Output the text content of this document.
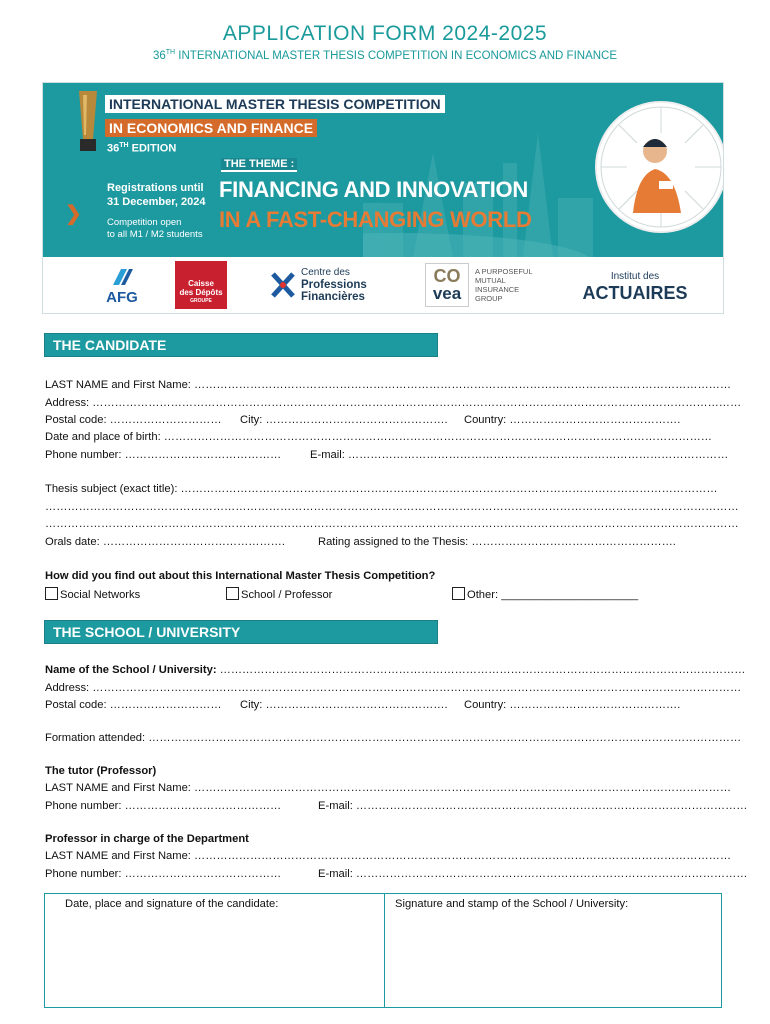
APPLICATION FORM 2024-2025
36TH INTERNATIONAL MASTER THESIS COMPETITION IN ECONOMICS AND FINANCE
INTERNATIONAL MASTER THESIS COMPETITION
IN ECONOMICS AND FINANCE
36TH EDITION
THE THEME :
Registrations until
31 December, 2024
❯	Competition open
to all M1 / M2 students
FINANCING AND INNOVATION
IN A FAST-CHANGING WORLD
AFG
Caisse
des Dépôts
GROUPE
Centre des
Professions
Financières
CO
vea
A PURPOSEFUL
MUTUAL
INSURANCE
GROUP
Institut des
ACTUAIRES
THE CANDIDATE
LAST NAME and First Name: ………………………………………………………………………………………………………………………………
Address: …………………………………………………………………………………………………………………………………………………………
Postal code: ………………………… City: …………………………………………. Country: ……………………………………….
Date and place of birth: …………………………………………………………………………………………………………………………………
Phone number: ……………………………………	E-mail: …………………………………………………………………………………………
Thesis subject (exact title): ………………………………………………………………………………………………………………………………
……………………………………………………………………………………………………………………………………………………………………
……………………………………………………………………………………………………………………………………………………………………
Orals date: ………………………………………….	Rating assigned to the Thesis: ……………………………………………….
How did you find out about this International Master Thesis Competition?
Social Networks	School / Professor	Other: ______________________
THE SCHOOL / UNIVERSITY
Name of the School / University: ……………………………………………………………………………………………………………………………
Address: …………………………………………………………………………………………………………………………………………………………
Postal code: ………………………… City: …………………………………………. Country: ……………………………………….
Formation attended: ……………………………………………………………………………………………………………………………………………
The tutor (Professor)
LAST NAME and First Name: ………………………………………………………………………………………………………………………………
Phone number: ……………………………………	E-mail: ……………………………………………………………………………………………
Professor in charge of the Department
LAST NAME and First Name: ………………………………………………………………………………………………………………………………
Phone number: ……………………………………	E-mail: ……………………………………………………………………………………………
Date, place and signature of the candidate:	Signature and stamp of the School / University:
